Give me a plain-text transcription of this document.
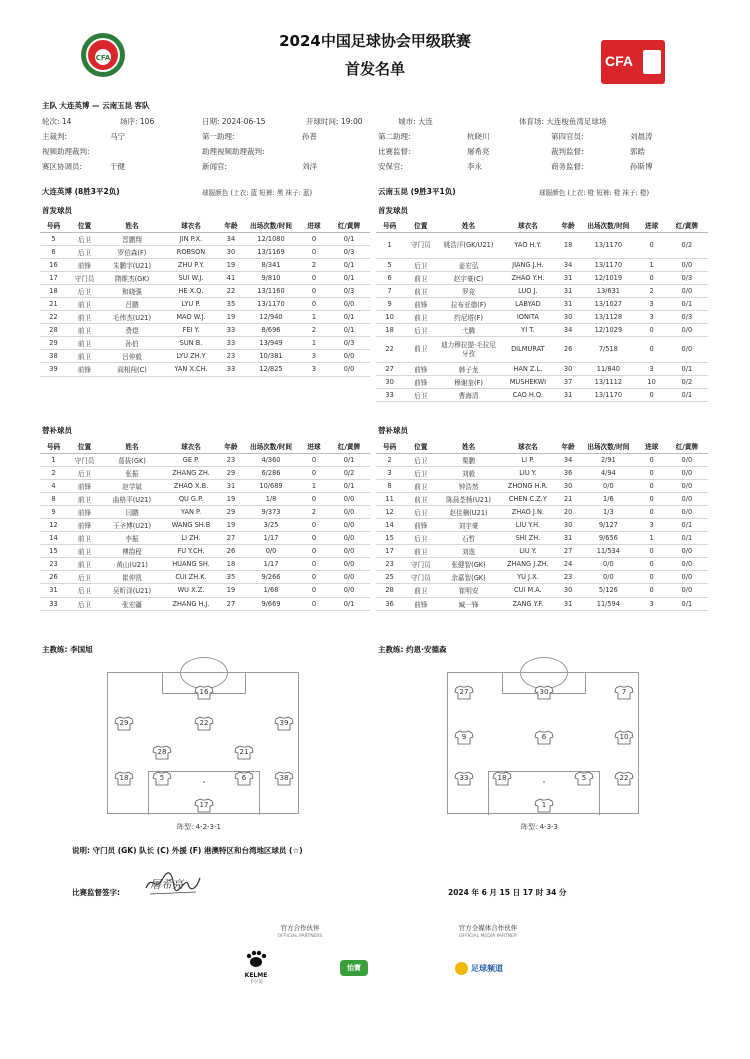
CFA
2024中国足球协会甲级联赛
首发名单	CFA
主队 大连英博 — 云南玉昆 客队
轮次: 14	场序: 106	日期: 2024-06-15	开球时间: 19:00	城市: 大连	体育场: 大连梭鱼湾足球场
主裁判:	马宁	第一助理:	孙普	第二助理:	杭晓川	第四官员:	刘晨涛
视频助理裁判:	助理视频助理裁判:	比赛监督:	屠希亮	裁判监督:	郭皓
赛区协调员:	于健	新闻官:	刘洋	安保官:	李永	商务监督:	孙斯博
大连英博 (8胜3平2负)	球服颜色 (上衣: 蓝 短裤: 黑 袜子: 蓝)	云南玉昆 (9胜3平1负)	球服颜色 (上衣: 橙 短裤: 橙 袜子: 橙)
首发球员	首发球员
号码	位置	姓名	球衣名	年龄	出场次数/时间	进球	红/黄牌
5	后卫	晋鹏翔	JIN P.X.	34	12/1080	0	0/1
6	后卫	罗伯森(F)	ROBSON	30	13/1169	0	0/3
16	前锋	朱鹏宇(U21)	ZHU P.Y.	19	8/341	2	0/1
17	守门员	隋维杰(GK)	SUI W.J.	41	9/810	0	0/1
18	后卫	和晓强	HE X.Q.	22	13/1160	0	0/3
21	前卫	吕鹏	LYU P.	35	13/1170	0	0/0
22	前卫	毛伟杰(U21)	MAO W.J.	19	12/940	1	0/1
28	前卫	费煜	FEI Y.	33	8/696	2	0/1
29	前卫	孙伯	SUN B.	33	13/949	1	0/3
38	前卫	吕仲毅	LYU ZH.Y	23	10/381	3	0/0
39	前锋	阎相闯(C)	YAN X.CH.	33	12/825	3	0/0
号码	位置	姓名	球衣名	年龄	出场次数/时间	进球	红/黄牌
1	守门员	姚浩洋(GK/U21)	YAO H.Y.	18	13/1170	0	0/2
5	后卫	姜宏弘	JIANG J.H.	34	13/1170	1	0/0
6	前卫	赵宇豪(C)	ZHAO Y.H.	31	12/1019	0	0/3
7	前卫	罗竞	LUO J.	31	13/631	2	0/0
9	前锋	拉布亚德(F)	LABYAD	31	13/1027	3	0/1
10	前卫	约尼塔(F)	IONITA	30	13/1128	3	0/3
18	后卫	弋腾	YI T.	34	12/1029	0	0/0
22	前卫	迪力穆拉提·毛拉尼牙孜	DILMURAT	26	7/518	0	0/0
27	前锋	韩子龙	HAN Z.L.	30	11/840	3	0/1
30	前锋	穆谢奎(F)	MUSHEKWI	37	13/1112	10	0/2
33	后卫	曹海清	CAO H.Q.	31	13/1170	0	0/1
替补球员	替补球员
号码	位置	姓名	球衣名	年龄	出场次数/时间	进球	红/黄牌
1	守门员	葛拔(GK)	GE P.	23	4/360	0	0/1
2	后卫	张振	ZHANG ZH.	29	6/286	0	0/2
4	前锋	赵学斌	ZHAO X.B.	31	10/689	1	0/1
8	前卫	曲格平(U21)	QU G.P.	19	1/8	0	0/0
9	前锋	闫鹏	YAN P.	29	9/373	2	0/0
12	前锋	王圣博(U21)	WANG SH.B	19	3/25	0	0/0
14	前卫	李振	LI ZH.	27	1/17	0	0/0
15	前卫	傅韵程	FU Y.CH.	26	0/0	0	0/0
23	前卫	黄山(U21)	HUANG SH.	18	1/17	0	0/0
26	后卫	崔仲凯	CUI ZH.K.	35	9/266	0	0/0
31	后卫	吴昕泽(U21)	WU X.Z.	19	1/68	0	0/0
33	后卫	张宏疆	ZHANG H.J.	27	9/669	0	0/1
号码	位置	姓名	球衣名	年龄	出场次数/时间	进球	红/黄牌
2	后卫	栗鹏	LI P.	34	2/91	0	0/0
3	后卫	刘毅	LIU Y.	36	4/94	0	0/0
8	前卫	钟浩然	ZHONG H.R.	30	0/0	0	0/0
11	前卫	陈晨荃杨(U21)	CHEN C.Z.Y	21	1/6	0	0/0
12	后卫	赵佳楠(U21)	ZHAO J.N.	20	1/3	0	0/0
14	前锋	刘宇豪	LIU Y.H.	30	9/127	3	0/1
15	后卫	石哲	SHI ZH.	31	9/656	1	0/1
17	前卫	刘逸	LIU Y.	27	11/534	0	0/0
23	守门员	张健智(GK)	ZHANG J.ZH.	24	0/0	0	0/0
25	守门员	余嘉智(GK)	YU J.X.	23	0/0	0	0/0
28	前卫	崔明安	CUI M.A.	30	5/126	0	0/0
36	前锋	臧一锋	ZANG Y.F.	31	11/594	3	0/1
主教练: 李国旭	主教练: 约恩·安德森
16
29	22	39
28	21
18	5	6	38
17
27	30	7
9	6	10
33	18	5	22
1
阵型: 4-2-3-1	阵型: 4-3-3
说明: 守门员 (GK) 队长 (C) 外援 (F) 港澳特区和台湾地区球员 (☆)
比赛监督签字:
屠希亮
2024 年 6 月 15 日 17 时 34 分
官方合作伙伴
OFFICIAL PARTNERS
官方全媒体合作伙伴
OFFICIAL MEDIA PARTNER
KELME
卡尔美
怡寶	足球频道
